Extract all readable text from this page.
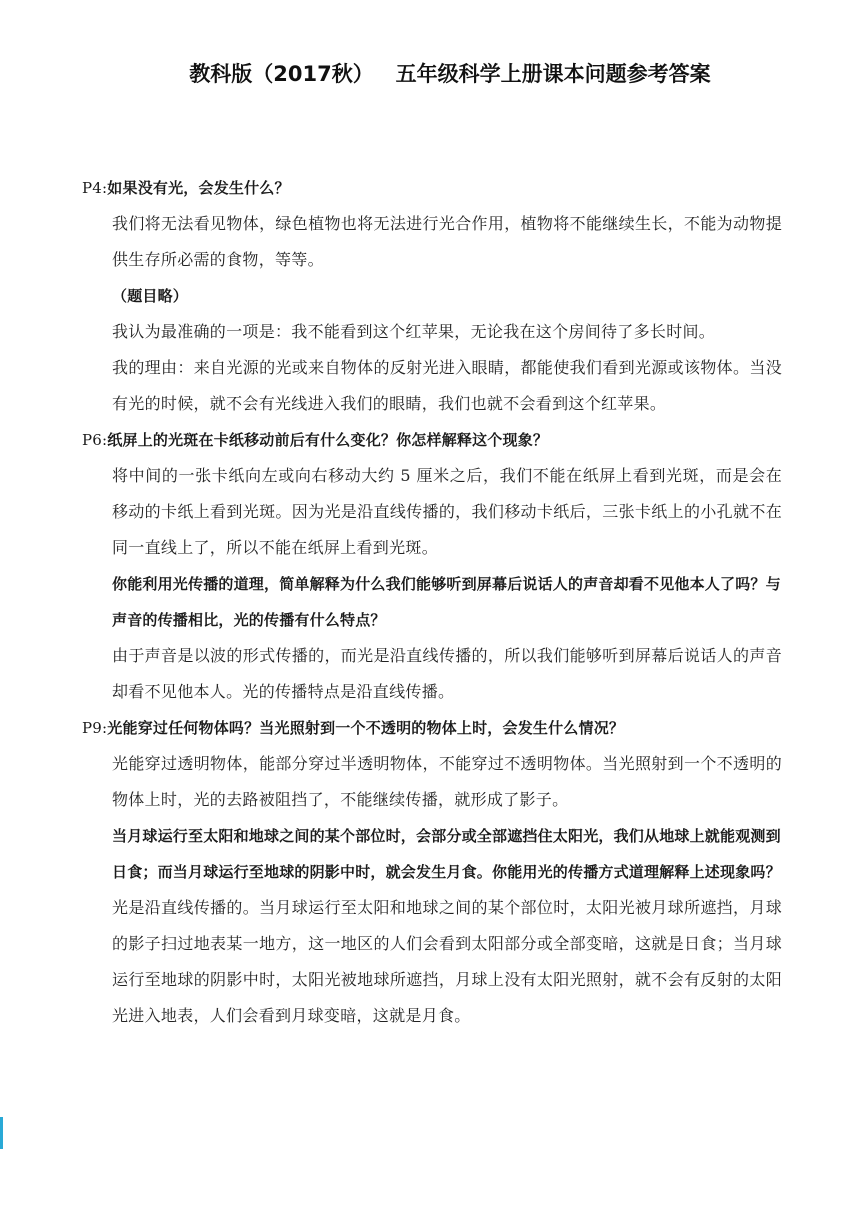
教科版（2017秋）   五年级科学上册课本问题参考答案
P4:如果没有光，会发生什么？
我们将无法看见物体，绿色植物也将无法进行光合作用，植物将不能继续生长，不能为动物提供生存所必需的食物，等等。
（题目略）
我认为最准确的一项是：我不能看到这个红苹果，无论我在这个房间待了多长时间。
我的理由：来自光源的光或来自物体的反射光进入眼睛，都能使我们看到光源或该物体。当没有光的时候，就不会有光线进入我们的眼睛，我们也就不会看到这个红苹果。
P6:纸屏上的光斑在卡纸移动前后有什么变化？你怎样解释这个现象？
将中间的一张卡纸向左或向右移动大约 5 厘米之后，我们不能在纸屏上看到光斑，而是会在移动的卡纸上看到光斑。因为光是沿直线传播的，我们移动卡纸后，三张卡纸上的小孔就不在同一直线上了，所以不能在纸屏上看到光斑。
你能利用光传播的道理，简单解释为什么我们能够听到屏幕后说话人的声音却看不见他本人了吗？与声音的传播相比，光的传播有什么特点？
由于声音是以波的形式传播的，而光是沿直线传播的，所以我们能够听到屏幕后说话人的声音却看不见他本人。光的传播特点是沿直线传播。
P9:光能穿过任何物体吗？当光照射到一个不透明的物体上时，会发生什么情况？
光能穿过透明物体，能部分穿过半透明物体，不能穿过不透明物体。当光照射到一个不透明的物体上时，光的去路被阻挡了，不能继续传播，就形成了影子。
当月球运行至太阳和地球之间的某个部位时，会部分或全部遮挡住太阳光，我们从地球上就能观测到日食；而当月球运行至地球的阴影中时，就会发生月食。你能用光的传播方式道理解释上述现象吗？
光是沿直线传播的。当月球运行至太阳和地球之间的某个部位时，太阳光被月球所遮挡，月球的影子扫过地表某一地方，这一地区的人们会看到太阳部分或全部变暗，这就是日食；当月球运行至地球的阴影中时，太阳光被地球所遮挡，月球上没有太阳光照射，就不会有反射的太阳光进入地表，人们会看到月球变暗，这就是月食。
